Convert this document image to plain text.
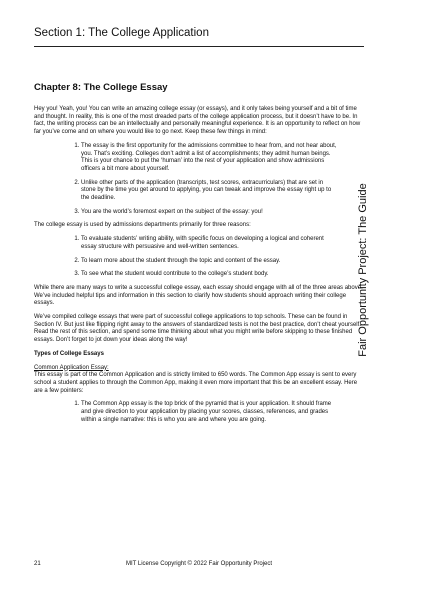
Section 1: The College Application
Fair Opportunity Project: The Guide
Chapter 8: The College Essay

Hey you! Yeah, you! You can write an amazing college essay (or essays), and it only takes being yourself and a bit of time and thought. In reality, this is one of the most dreaded parts of the college application process, but it doesn’t have to be. In fact, the writing process can be an intellectually and personally meaningful experience. It is an opportunity to reflect on how far you’ve come and on where you would like to go next. Keep these few things in mind:

1. The essay is the first opportunity for the admissions committee to hear from, and not hear about, you. That’s exciting. Colleges don’t admit a list of accomplishments; they admit human beings. This is your chance to put the ‘human’ into the rest of your application and show admissions officers a bit more about yourself.
2. Unlike other parts of the application (transcripts, test scores, extracurriculars) that are set in stone by the time you get around to applying, you can tweak and improve the essay right up to the deadline.
3. You are the world’s foremost expert on the subject of the essay: you!

The college essay is used by admissions departments primarily for three reasons:

1. To evaluate students’ writing ability, with specific focus on developing a logical and coherent essay structure with persuasive and well-written sentences.
2. To learn more about the student through the topic and content of the essay.
3. To see what the student would contribute to the college’s student body.

While there are many ways to write a successful college essay, each essay should engage with all of the three areas above. We’ve included helpful tips and information in this section to clarify how students should approach writing their college essays.

We’ve compiled college essays that were part of successful college applications to top schools. These can be found in Section IV. But just like flipping right away to the answers of standardized tests is not the best practice, don’t cheat yourself. Read the rest of this section, and spend some time thinking about what you might write before skipping to these finished essays. Don’t forget to jot down your ideas along the way!

Types of College Essays
Common Application Essay:

This essay is part of the Common Application and is strictly limited to 650 words. The Common App essay is sent to every school a student applies to through the Common App, making it even more important that this be an excellent essay. Here are a few pointers:

1. The Common App essay is the top brick of the pyramid that is your application. It should frame and give direction to your application by placing your scores, classes, references, and grades within a single narrative: this is who you are and where you are going.
21	MIT License Copyright © 2022 Fair Opportunity Project
